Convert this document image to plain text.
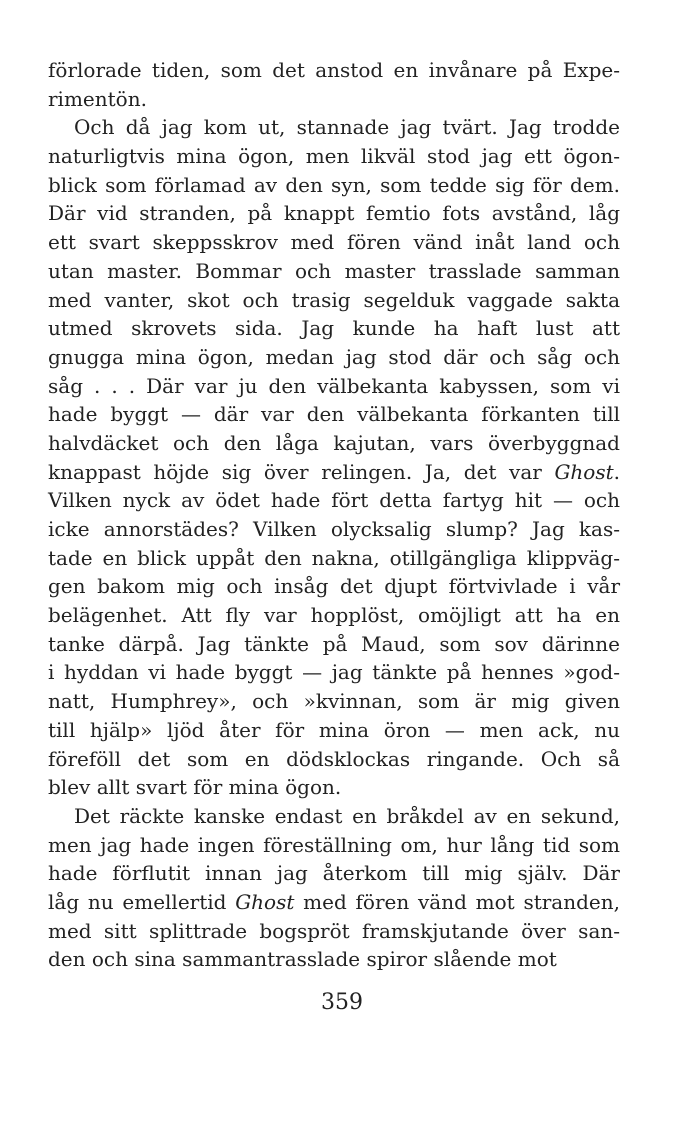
förlorade tiden, som det anstod en invånare på Expe-
rimentön.
Och då jag kom ut, stannade jag tvärt. Jag trodde
naturligtvis mina ögon, men likväl stod jag ett ögon-
blick som förlamad av den syn, som tedde sig för dem.
Där vid stranden, på knappt femtio fots avstånd, låg
ett svart skeppsskrov med fören vänd inåt land och
utan master. Bommar och master trasslade samman
med vanter, skot och trasig segelduk vaggade sakta
utmed skrovets sida. Jag kunde ha haft lust att
gnugga mina ögon, medan jag stod där och såg och
såg . . . Där var ju den välbekanta kabyssen, som vi
hade byggt — där var den välbekanta förkanten till
halvdäcket och den låga kajutan, vars överbyggnad
knappast höjde sig över relingen. Ja, det var Ghost.
Vilken nyck av ödet hade fört detta fartyg hit — och
icke annorstädes? Vilken olycksalig slump? Jag kas-
tade en blick uppåt den nakna, otillgängliga klippväg-
gen bakom mig och insåg det djupt förtvivlade i vår
belägenhet. Att fly var hopplöst, omöjligt att ha en
tanke därpå. Jag tänkte på Maud, som sov därinne
i hyddan vi hade byggt — jag tänkte på hennes »god-
natt, Humphrey», och »kvinnan, som är mig given
till hjälp» ljöd åter för mina öron — men ack, nu
föreföll det som en dödsklockas ringande. Och så
blev allt svart för mina ögon.
Det räckte kanske endast en bråkdel av en sekund,
men jag hade ingen föreställning om, hur lång tid som
hade förflutit innan jag återkom till mig själv. Där
låg nu emellertid Ghost med fören vänd mot stranden,
med sitt splittrade bogspröt framskjutande över san-
den och sina sammantrasslade spiror slående mot
359
